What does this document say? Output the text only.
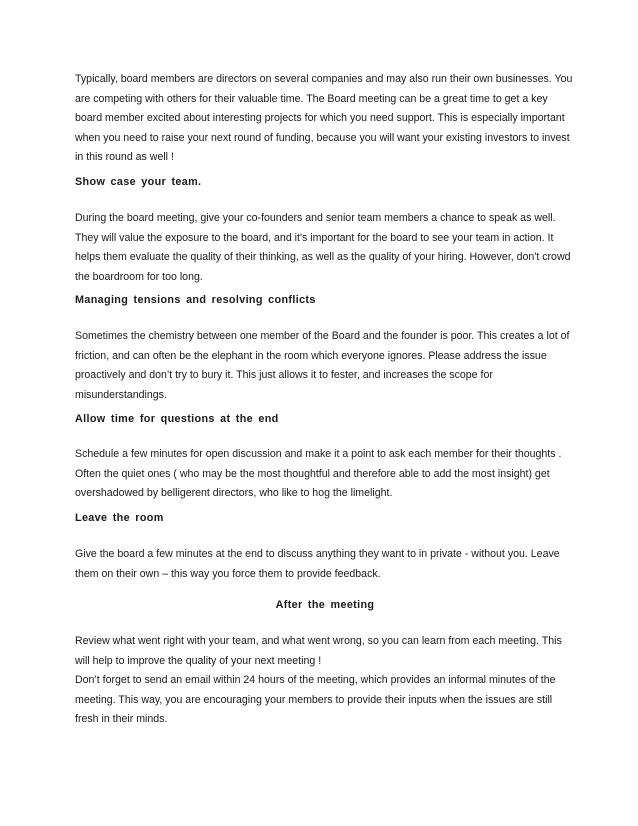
Typically, board members are directors on several companies and may also run their own businesses. You are competing with others for their valuable time. The Board meeting can be a great time to get a key board member excited about interesting projects for which you need support. This is especially important when you need to raise your next round of funding, because you will want your existing investors to invest in this round as well !

Show case your team.

During the board meeting, give your co-founders and senior team members a chance to speak as well. They will value the exposure to the board, and it's important for the board to see your team in action. It helps them evaluate the quality of their thinking, as well as the quality of your hiring. However, don't crowd the boardroom for too long.

Managing tensions and resolving conflicts

Sometimes the chemistry between one member of the Board and the founder is poor. This creates a lot of friction, and can often be the elephant in the room which everyone ignores. Please address the issue proactively and don’t try to bury it. This just allows it to fester, and increases the scope for misunderstandings.

Allow time for questions at the end

Schedule a few minutes for open discussion and make it a point to ask each member for their thoughts . Often the quiet ones ( who may be the most thoughtful and therefore able to add the most insight) get overshadowed by belligerent directors, who like to hog the limelight.

Leave the room

Give the board a few minutes at the end to discuss anything they want to in private - without you. Leave them on their own – this way you force them to provide feedback.

After the meeting

Review what went right with your team, and what went wrong, so you can learn from each meeting. This will help to improve the quality of your next meeting !

Don’t forget to send an email within 24 hours of the meeting, which provides an informal minutes of the meeting. This way, you are encouraging your members to provide their inputs when the issues are still fresh in their minds.
